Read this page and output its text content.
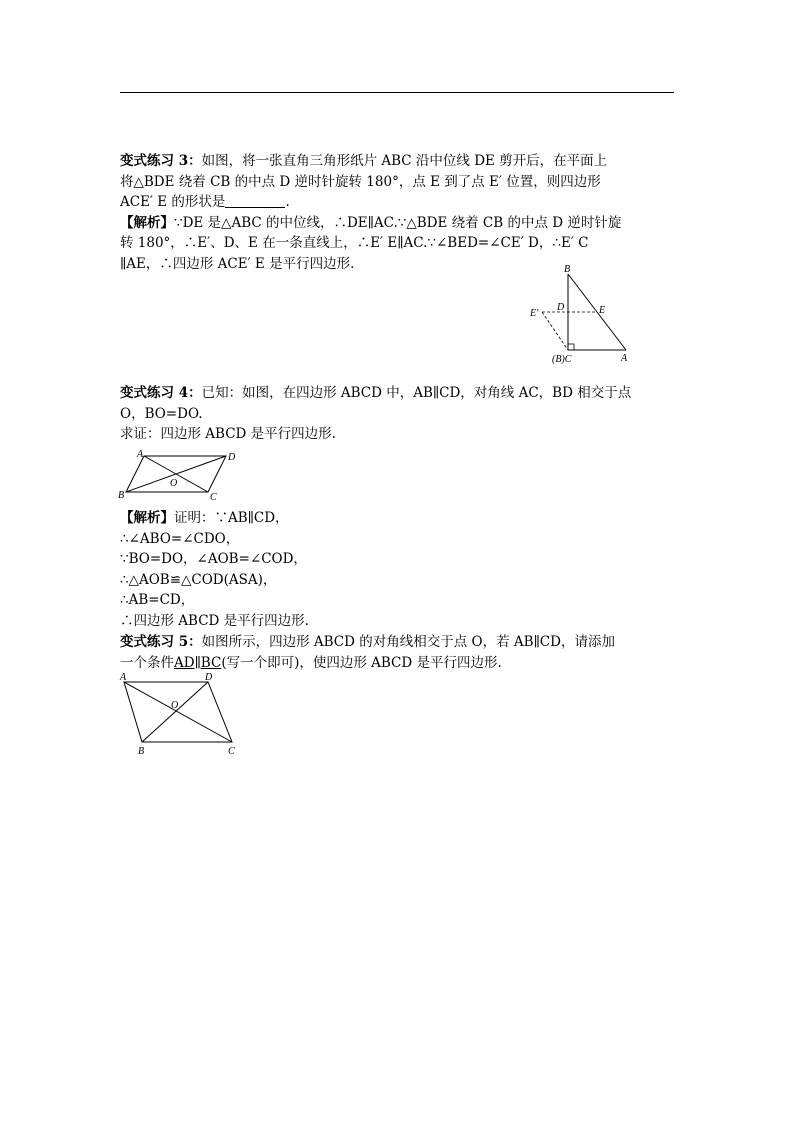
变式练习 3：如图，将一张直角三角形纸片 ABC 沿中位线 DE 剪开后，在平面上
将△BDE 绕着 CB 的中点 D 逆时针旋转 180°，点 E 到了点 E′ 位置，则四边形
ACE′ E 的形状是	.
【解析】∵DE 是△ABC 的中位线，∴DE∥AC.∵△BDE 绕着 CB 的中点 D 逆时针旋
转 180°，∴E′、D、E 在一条直线上，∴E′ E∥AC.∵∠BED=∠CE′ D，∴E′ C
∥AE，∴四边形 ACE′ E 是平行四边形.	B
D	E
E′
(B)C	A
变式练习 4：已知：如图，在四边形 ABCD 中，AB∥CD，对角线 AC，BD 相交于点
O，BO=DO.
求证：四边形 ABCD 是平行四边形.
A	D
B	C
O
【解析】证明：∵AB∥CD，
∴∠ABO=∠CDO，
∵BO=DO，∠AOB=∠COD，
∴△AOB≌△COD(ASA)，
∴AB=CD，
∴四边形 ABCD 是平行四边形.
变式练习 5：如图所示，四边形 ABCD 的对角线相交于点 O，若 AB∥CD，请添加
一个条件AD∥BC(写一个即可)，使四边形 ABCD 是平行四边形.
A	D
B	C
O
